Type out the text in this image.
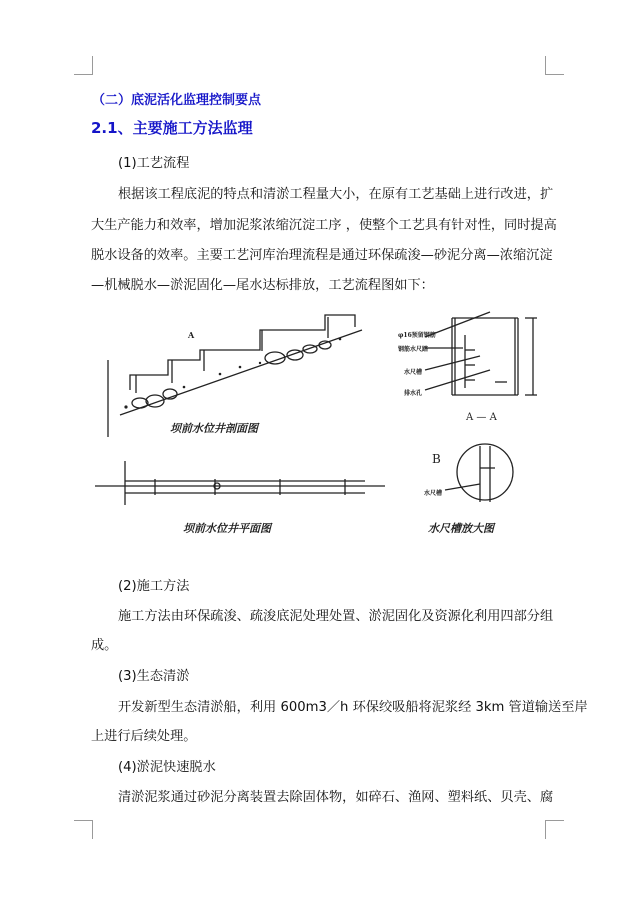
（二）底泥活化监理控制要点
2.1、主要施工方法监理
(1)工艺流程
根据该工程底泥的特点和清淤工程量大小，在原有工艺基础上进行改进，扩
大生产能力和效率，增加泥浆浓缩沉淀工序 ，使整个工艺具有针对性，同时提高
脱水设备的效率。主要工艺河库治理流程是通过环保疏浚—砂泥分离—浓缩沉淀
—机械脱水—淤泥固化—尾水达标排放，工艺流程图如下：
A
坝前水位井剖面图
φ16预留钢筋
钢筋水尺踏
水尺槽
排水孔
A — A
坝前水位井平面图
B
水尺槽
水尺槽放大图
(2)施工方法
施工方法由环保疏浚、疏浚底泥处理处置、淤泥固化及资源化利用四部分组
成。
(3)生态清淤
开发新型生态清淤船，利用 600m3／h 环保绞吸船将泥浆经 3km 管道输送至岸
上进行后续处理。
(4)淤泥快速脱水
清淤泥浆通过砂泥分离装置去除固体物，如碎石、渔网、塑料纸、贝壳、腐
